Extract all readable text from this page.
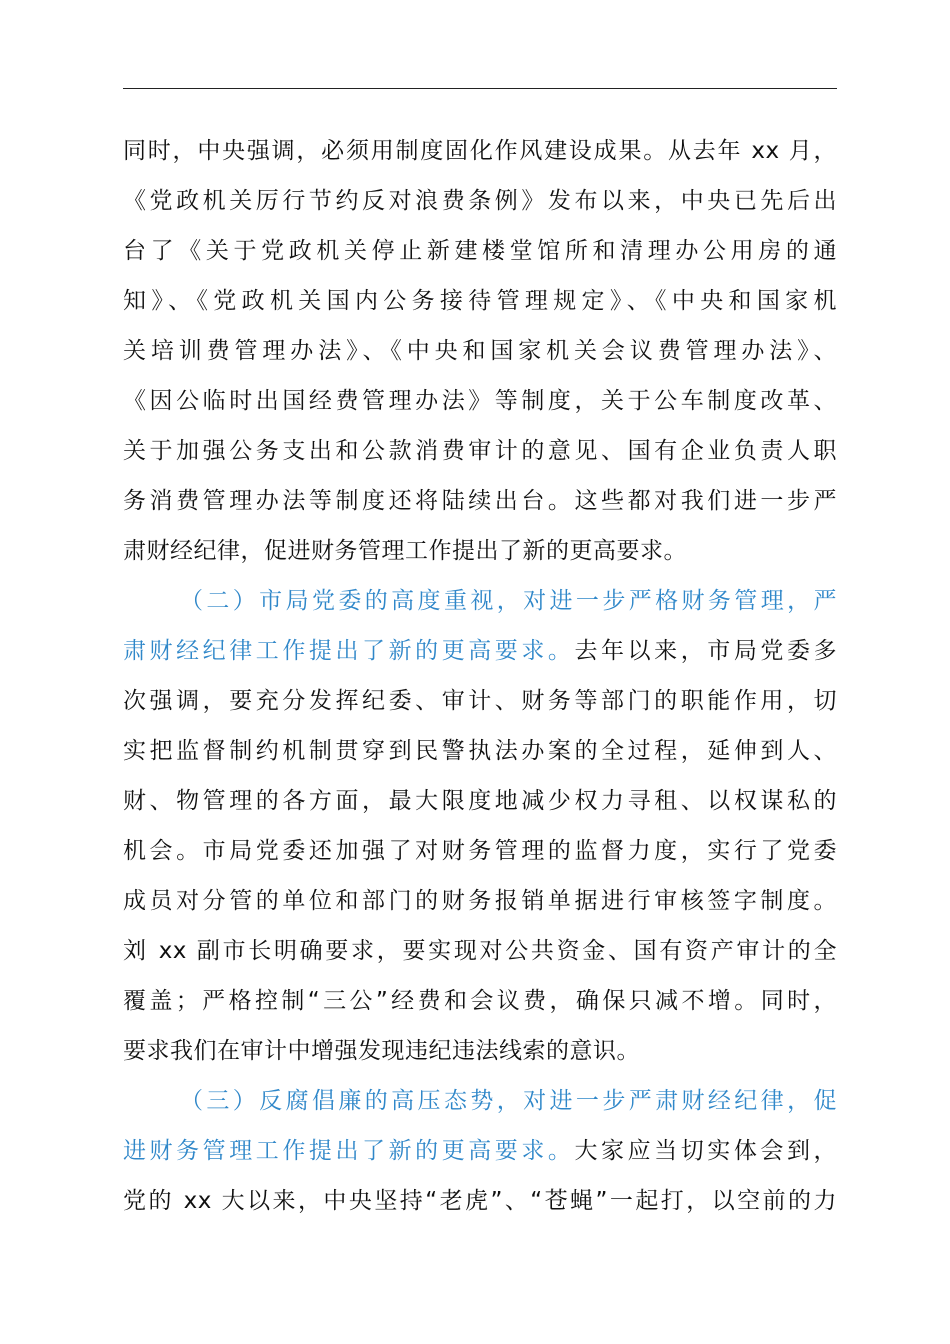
同时，中央强调，必须用制度固化作风建设成果。从去年 xx 月，
《党政机关厉行节约反对浪费条例》发布以来，中央已先后出
台了《关于党政机关停止新建楼堂馆所和清理办公用房的通
知》、《党政机关国内公务接待管理规定》、《中央和国家机
关培训费管理办法》、《中央和国家机关会议费管理办法》、
《因公临时出国经费管理办法》等制度，关于公车制度改革、
关于加强公务支出和公款消费审计的意见、国有企业负责人职
务消费管理办法等制度还将陆续出台。这些都对我们进一步严
肃财经纪律，促进财务管理工作提出了新的更高要求。
（二）市局党委的高度重视，对进一步严格财务管理，严
肃财经纪律工作提出了新的更高要求。去年以来，市局党委多
次强调，要充分发挥纪委、审计、财务等部门的职能作用，切
实把监督制约机制贯穿到民警执法办案的全过程，延伸到人、
财、物管理的各方面，最大限度地减少权力寻租、以权谋私的
机会。市局党委还加强了对财务管理的监督力度，实行了党委
成员对分管的单位和部门的财务报销单据进行审核签字制度。
刘 xx 副市长明确要求，要实现对公共资金、国有资产审计的全
覆盖；严格控制“三公”经费和会议费，确保只减不增。同时，
要求我们在审计中增强发现违纪违法线索的意识。
（三）反腐倡廉的高压态势，对进一步严肃财经纪律，促
进财务管理工作提出了新的更高要求。大家应当切实体会到，
党的 xx 大以来，中央坚持“老虎”、“苍蝇”一起打，以空前的力
